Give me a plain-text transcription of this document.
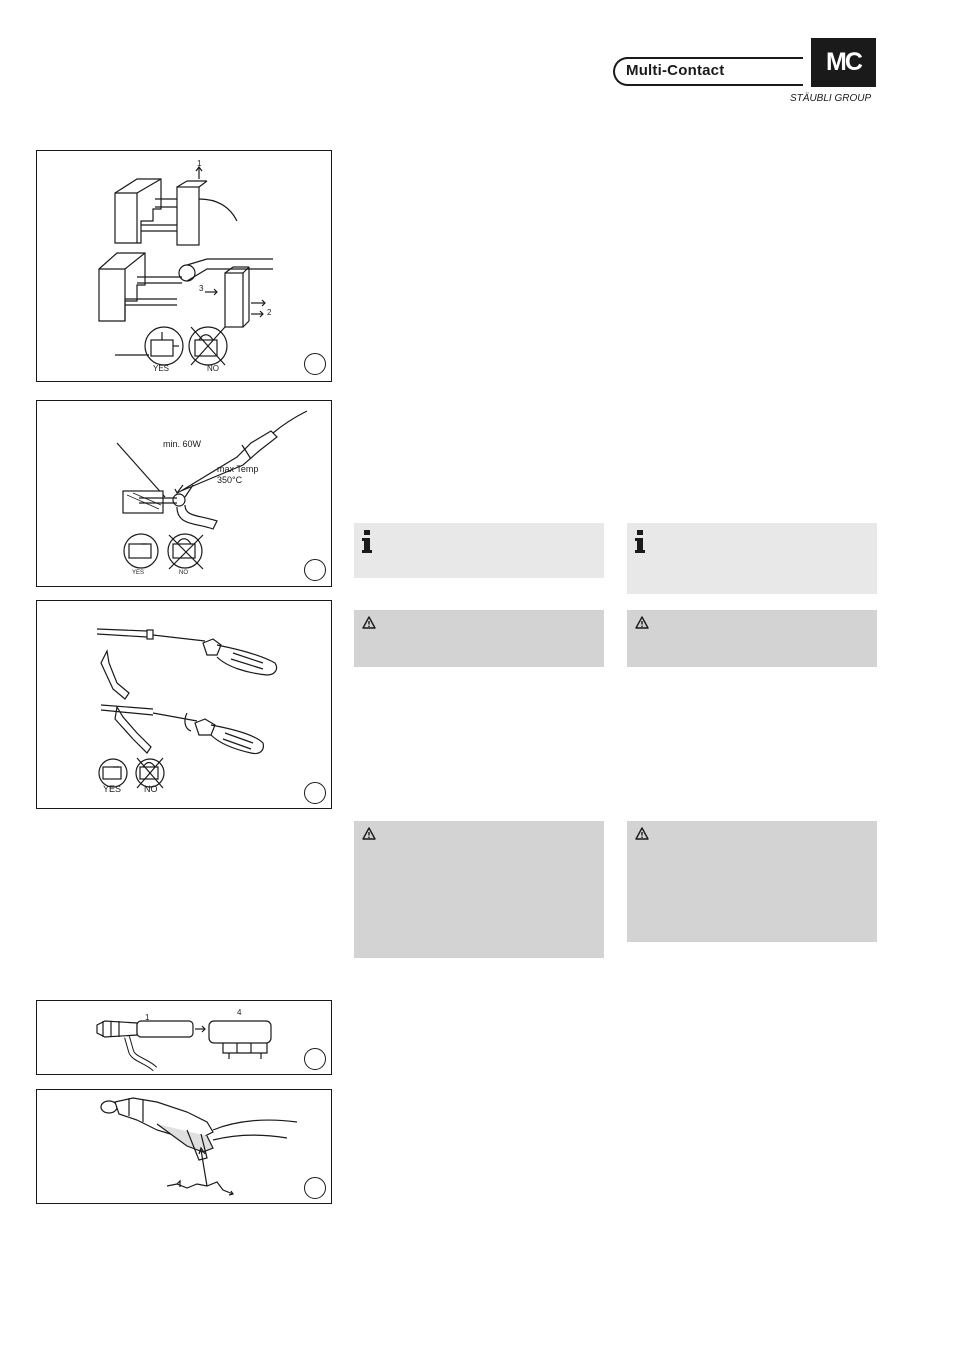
Multi-Contact	MC
STÄUBLI GROUP
1
3
2
YES	NO
min. 60W
max Temp
350°C
YES	NO
YES	NO
1
4
